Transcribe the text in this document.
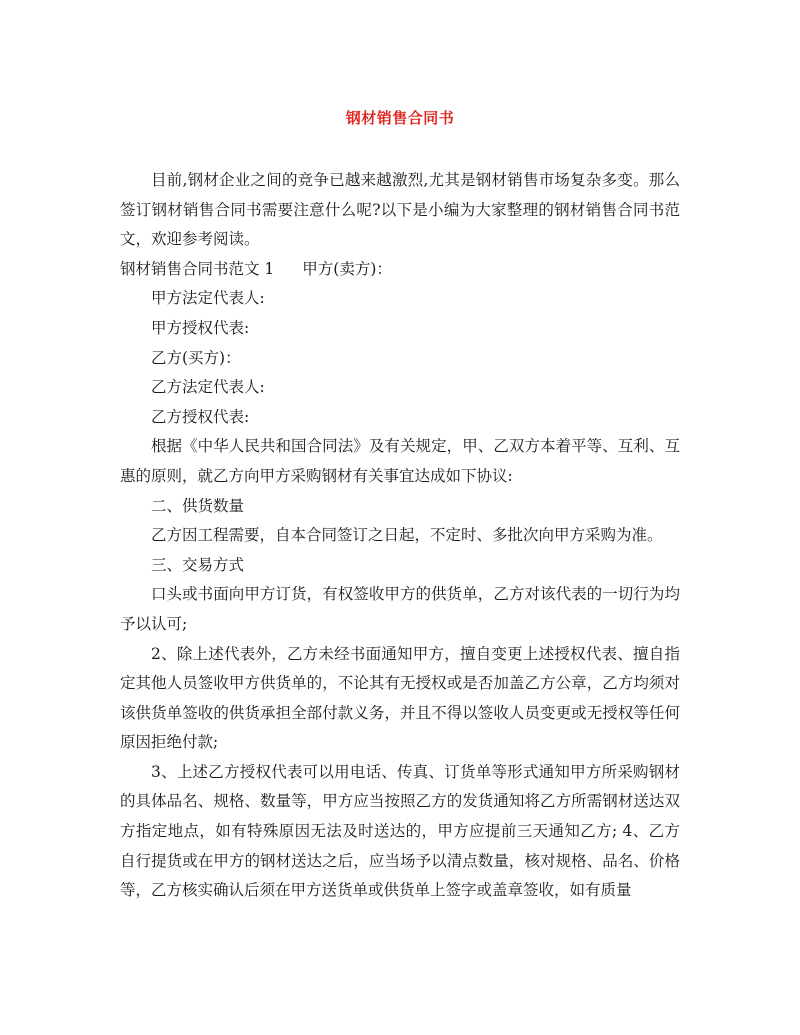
钢材销售合同书

目前,钢材企业之间的竞争已越来越激烈,尤其是钢材销售市场复杂多变。那么签订钢材销售合同书需要注意什么呢?以下是小编为大家整理的钢材销售合同书范文，欢迎参考阅读。

钢材销售合同书范文 1 甲方(卖方)：

甲方法定代表人:

甲方授权代表:

乙方(买方)：

乙方法定代表人:

乙方授权代表:

根据《中华人民共和国合同法》及有关规定，甲、乙双方本着平等、互利、互惠的原则，就乙方向甲方采购钢材有关事宜达成如下协议:

二、供货数量

乙方因工程需要，自本合同签订之日起，不定时、多批次向甲方采购为准。

三、交易方式

口头或书面向甲方订货，有权签收甲方的供货单，乙方对该代表的一切行为均予以认可;

2、除上述代表外，乙方未经书面通知甲方，擅自变更上述授权代表、擅自指定其他人员签收甲方供货单的，不论其有无授权或是否加盖乙方公章，乙方均须对该供货单签收的供货承担全部付款义务，并且不得以签收人员变更或无授权等任何原因拒绝付款;

3、上述乙方授权代表可以用电话、传真、订货单等形式通知甲方所采购钢材的具体品名、规格、数量等，甲方应当按照乙方的发货通知将乙方所需钢材送达双方指定地点，如有特殊原因无法及时送达的，甲方应提前三天通知乙方; 4、乙方自行提货或在甲方的钢材送达之后，应当场予以清点数量，核对规格、品名、价格等，乙方核实确认后须在甲方送货单或供货单上签字或盖章签收，如有质量
